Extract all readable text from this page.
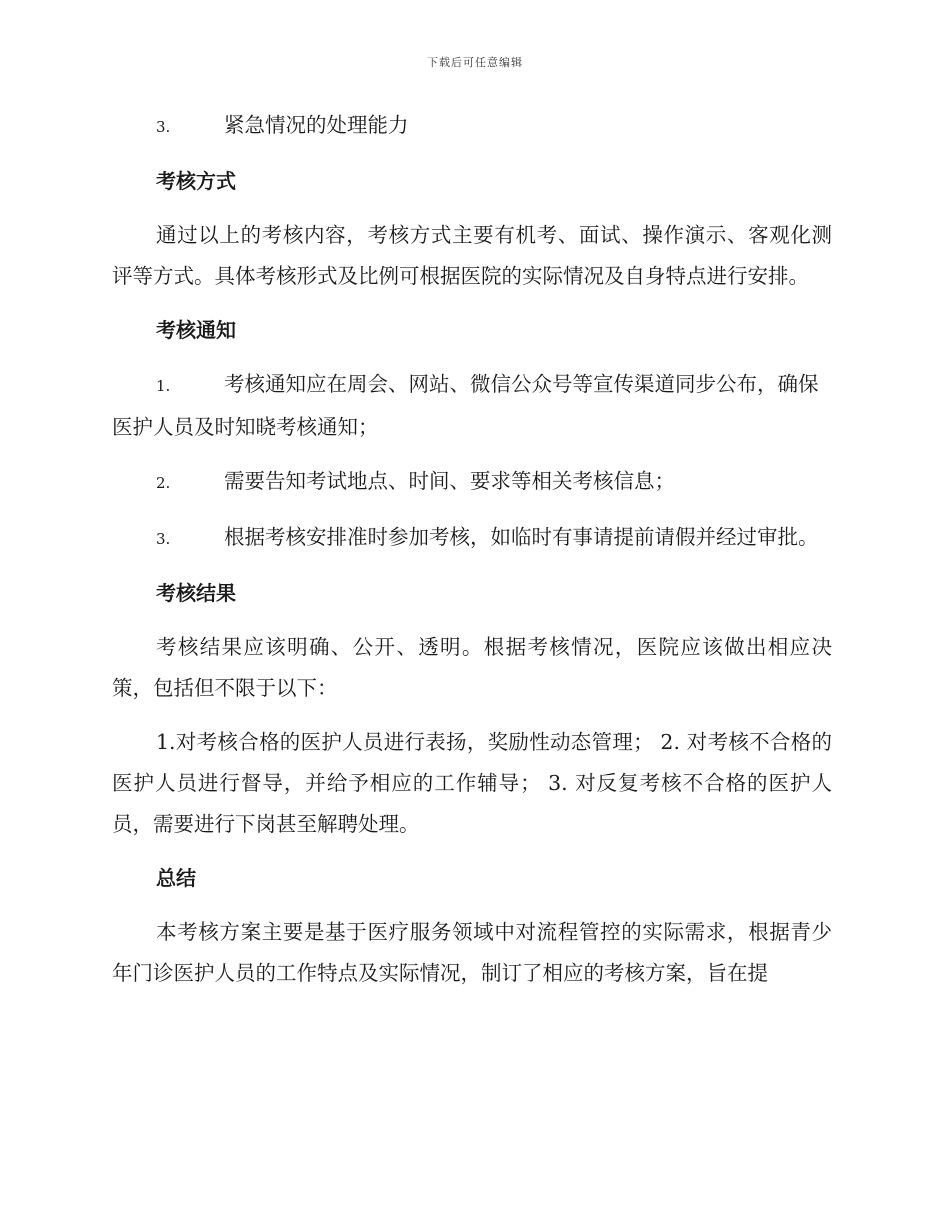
下载后可任意编辑

3.	紧急情况的处理能力

考核方式

通过以上的考核内容，考核方式主要有机考、面试、操作演示、客观化测评等方式。具体考核形式及比例可根据医院的实际情况及自身特点进行安排。

考核通知

1.	考核通知应在周会、网站、微信公众号等宣传渠道同步公布，确保医护人员及时知晓考核通知；

2.	需要告知考试地点、时间、要求等相关考核信息；

3.	根据考核安排准时参加考核，如临时有事请提前请假并经过审批。

考核结果

考核结果应该明确、公开、透明。根据考核情况，医院应该做出相应决策，包括但不限于以下：

1.对考核合格的医护人员进行表扬，奖励性动态管理； 2. 对考核不合格的医护人员进行督导，并给予相应的工作辅导； 3. 对反复考核不合格的医护人员，需要进行下岗甚至解聘处理。

总结

本考核方案主要是基于医疗服务领域中对流程管控的实际需求，根据青少年门诊医护人员的工作特点及实际情况，制订了相应的考核方案，旨在提
